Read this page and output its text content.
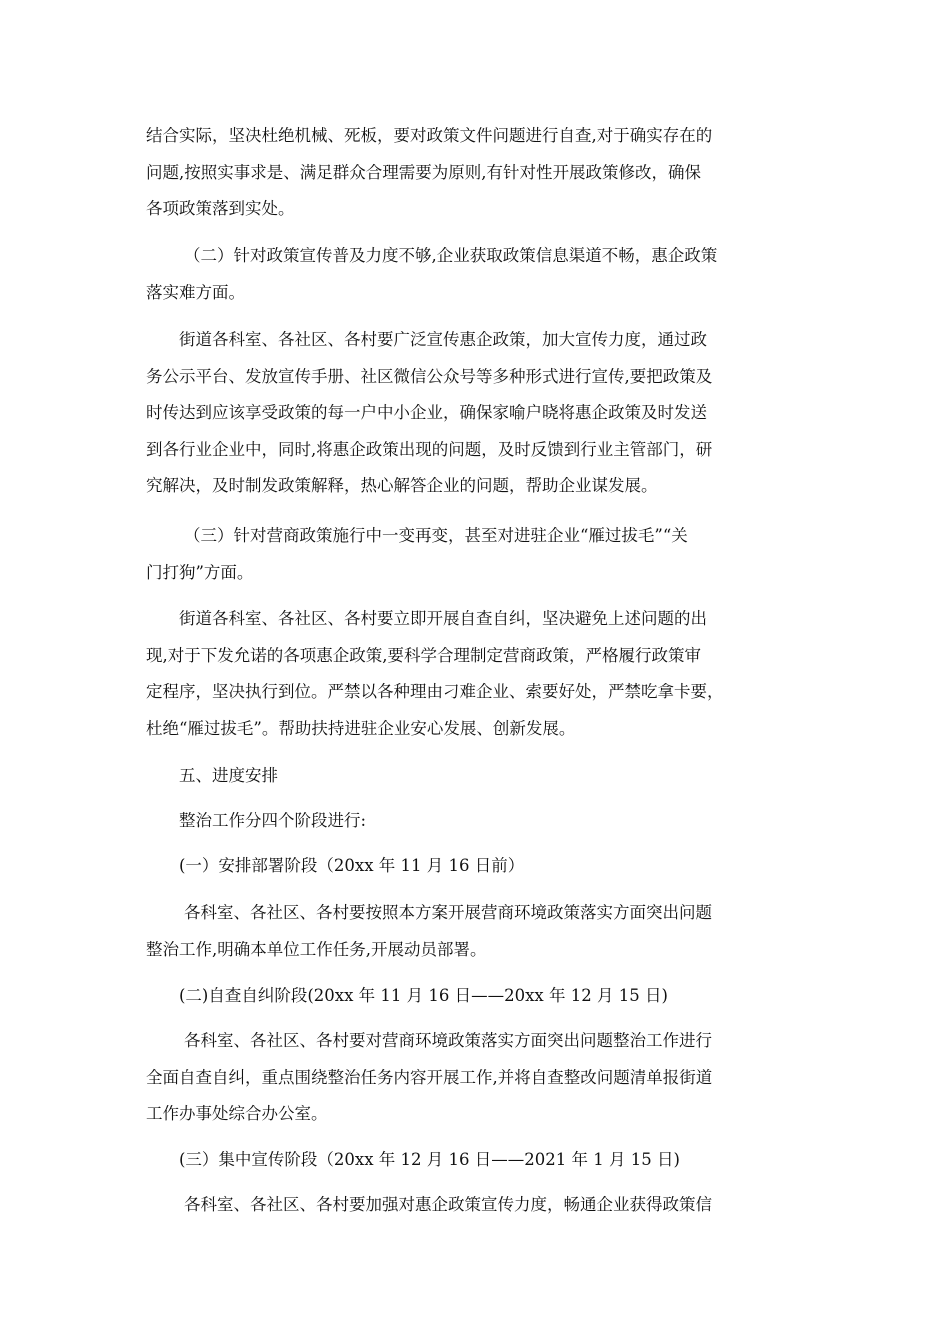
结合实际，坚决杜绝机械、死板，要对政策文件问题进行自查,对于确实存在的
问题,按照实事求是、满足群众合理需要为原则,有针对性开展政策修改，确保
各项政策落到实处。
（二）针对政策宣传普及力度不够,企业获取政策信息渠道不畅，惠企政策
落实难方面。
街道各科室、各社区、各村要广泛宣传惠企政策，加大宣传力度，通过政
务公示平台、发放宣传手册、社区微信公众号等多种形式进行宣传,要把政策及
时传达到应该享受政策的每一户中小企业，确保家喻户晓将惠企政策及时发送
到各行业企业中，同时,将惠企政策出现的问题，及时反馈到行业主管部门，研
究解决，及时制发政策解释，热心解答企业的问题，帮助企业谋发展。
（三）针对营商政策施行中一变再变，甚至对进驻企业“雁过拔毛”“关
门打狗”方面。
街道各科室、各社区、各村要立即开展自查自纠，坚决避免上述问题的出
现,对于下发允诺的各项惠企政策,要科学合理制定营商政策，严格履行政策审
定程序，坚决执行到位。严禁以各种理由刁难企业、索要好处，严禁吃拿卡要，
杜绝“雁过拔毛”。帮助扶持进驻企业安心发展、创新发展。
五、进度安排
整治工作分四个阶段进行:
(一）安排部署阶段（20xx 年 11 月 16 日前）
各科室、各社区、各村要按照本方案开展营商环境政策落实方面突出问题
整治工作,明确本单位工作任务,开展动员部署。
(二)自查自纠阶段(20xx 年 11 月 16 日——20xx 年 12 月 15 日)
各科室、各社区、各村要对营商环境政策落实方面突出问题整治工作进行
全面自查自纠，重点围绕整治任务内容开展工作,并将自查整改问题清单报街道
工作办事处综合办公室。
(三）集中宣传阶段（20xx 年 12 月 16 日——2021 年 1 月 15 日)
各科室、各社区、各村要加强对惠企政策宣传力度，畅通企业获得政策信
